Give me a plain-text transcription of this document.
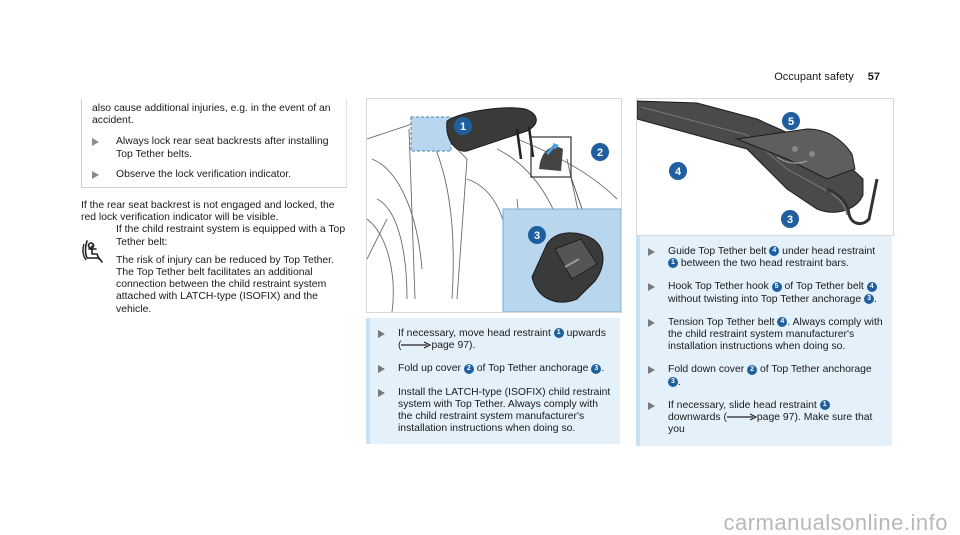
Occupant safety 57

also cause additional injuries, e.g. in the event of an accident.

Always lock rear seat backrests after installing Top Tether belts.

Observe the lock verification indicator.

If the rear seat backrest is not engaged and locked, the red lock verification indicator will be visible.

If the child restraint system is equipped with a Top Tether belt:

The risk of injury can be reduced by Top Tether. The Top Tether belt facilitates an additional connection between the child restraint system attached with LATCH-type (ISOFIX) and the vehicle.

1
2
3
4
5
3
If necessary, move head restraint 1 upwards (	page 97).
Fold up cover 2 of Top Tether anchorage 3 .
Install the LATCH-type (ISOFIX) child restraint system with Top Tether. Always comply with the child restraint system manufacturer's installation instructions when doing so.
Guide Top Tether belt 4 under head restraint 1 between the two head restraint bars.
Hook Top Tether hook 5 of Top Tether belt 4 without twisting into Top Tether anchorage 3 .
Tension Top Tether belt 4 . Always comply with the child restraint system manufacturer's installation instructions when doing so.
Fold down cover 2 of Top Tether anchorage 3 .
If necessary, slide head restraint 1 downwards (	page 97). Make sure that you
carmanualsonline.info
